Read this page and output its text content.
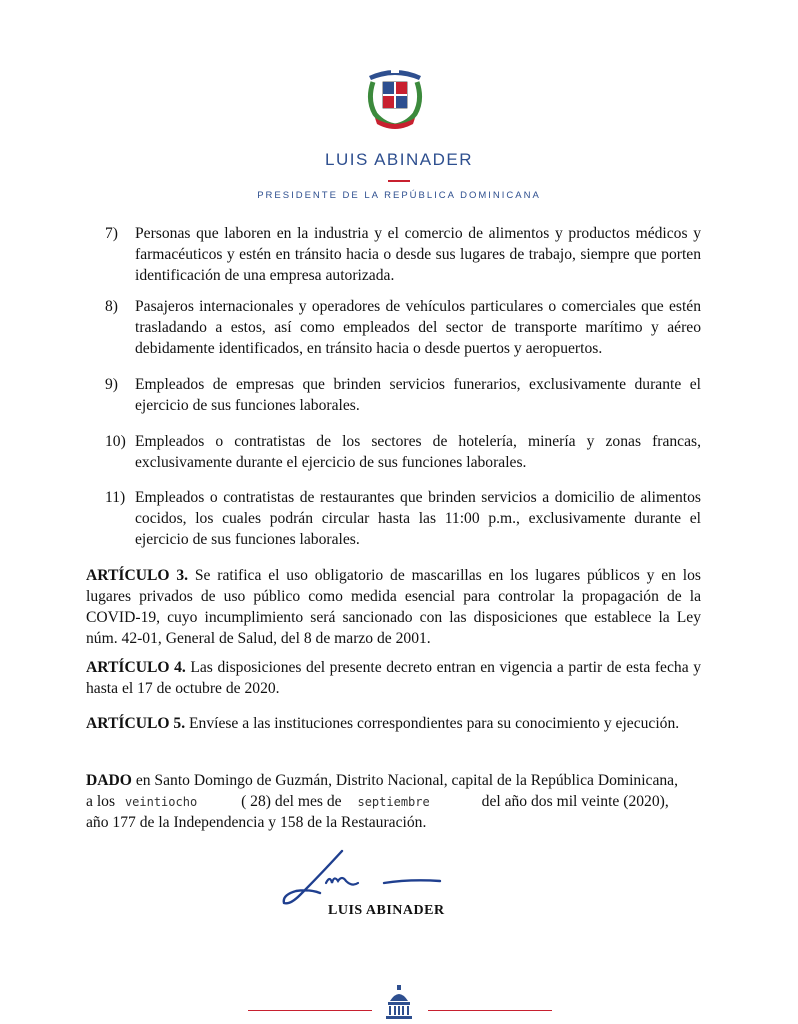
LUIS ABINADER
PRESIDENTE DE LA REPÚBLICA DOMINICANA
7)	Personas que laboren en la industria y el comercio de alimentos y productos médicos y farmacéuticos y estén en tránsito hacia o desde sus lugares de trabajo, siempre que porten identificación de una empresa autorizada.
8)	Pasajeros internacionales y operadores de vehículos particulares o comerciales que estén trasladando a estos, así como empleados del sector de transporte marítimo y aéreo debidamente identificados, en tránsito hacia o desde puertos y aeropuertos.
9)	Empleados de empresas que brinden servicios funerarios, exclusivamente durante el ejercicio de sus funciones laborales.
10) Empleados o contratistas de los sectores de hotelería, minería y zonas francas, exclusivamente durante el ejercicio de sus funciones laborales.
11) Empleados o contratistas de restaurantes que brinden servicios a domicilio de alimentos cocidos, los cuales podrán circular hasta las 11:00 p.m., exclusivamente durante el ejercicio de sus funciones laborales.
ARTÍCULO 3. Se ratifica el uso obligatorio de mascarillas en los lugares públicos y en los lugares privados de uso público como medida esencial para controlar la propagación de la COVID-19, cuyo incumplimiento será sancionado con las disposiciones que establece la Ley núm. 42-01, General de Salud, del 8 de marzo de 2001.
ARTÍCULO 4. Las disposiciones del presente decreto entran en vigencia a partir de esta fecha y hasta el 17 de octubre de 2020.
ARTÍCULO 5. Envíese a las instituciones correspondientes para su conocimiento y ejecución.
DADO en Santo Domingo de Guzmán, Distrito Nacional, capital de la República Dominicana,
a los veintiocho	( 28) del mes de septiembre	del año dos mil veinte (2020),
año 177 de la Independencia y 158 de la Restauración.
LUIS ABINADER
